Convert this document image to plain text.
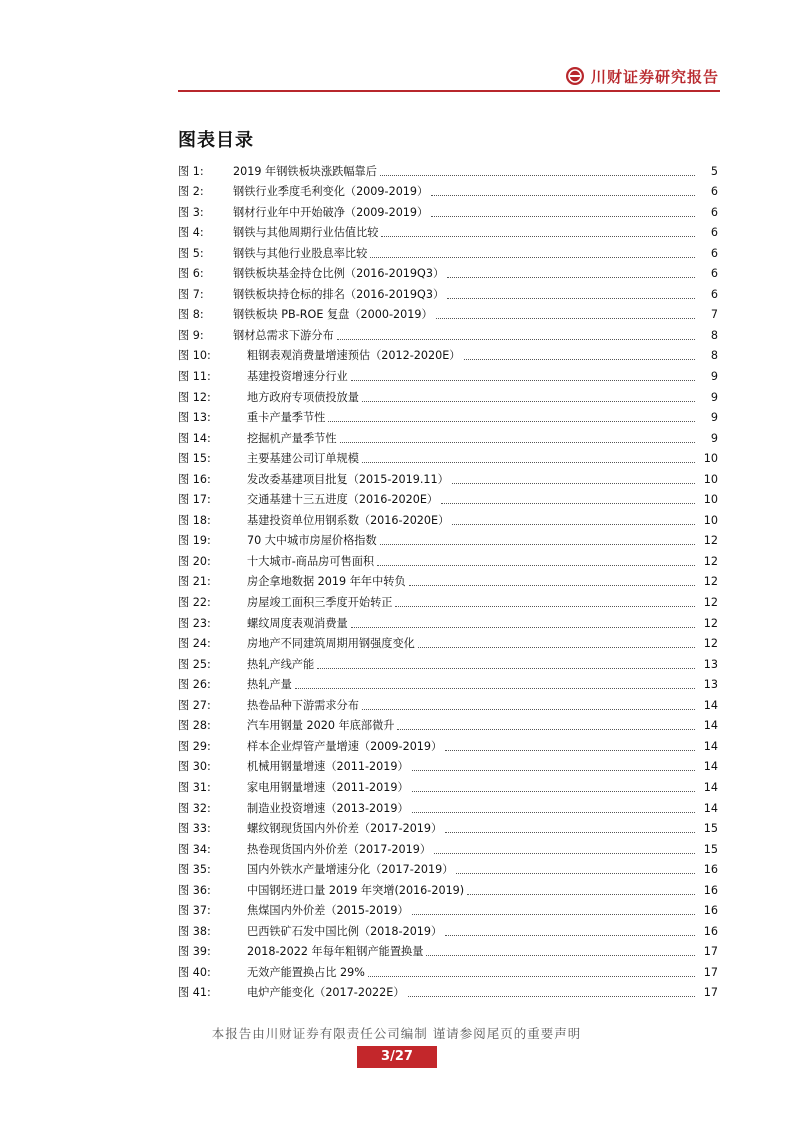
川财证券研究报告
图表目录
图 1:	2019 年钢铁板块涨跌幅靠后	5
图 2:	钢铁行业季度毛利变化（2009-2019）	6
图 3:	钢材行业年中开始破净（2009-2019）	6
图 4:	钢铁与其他周期行业估值比较	6
图 5:	钢铁与其他行业股息率比较	6
图 6:	钢铁板块基金持仓比例（2016-2019Q3）	6
图 7:	钢铁板块持仓标的排名（2016-2019Q3）	6
图 8:	钢铁板块 PB-ROE 复盘（2000-2019）	7
图 9:	钢材总需求下游分布	8
图 10:	粗钢表观消费量增速预估（2012-2020E）	8
图 11:	基建投资增速分行业	9
图 12:	地方政府专项债投放量	9
图 13:	重卡产量季节性	9
图 14:	挖掘机产量季节性	9
图 15:	主要基建公司订单规模	10
图 16:	发改委基建项目批复（2015-2019.11）	10
图 17:	交通基建十三五进度（2016-2020E）	10
图 18:	基建投资单位用钢系数（2016-2020E）	10
图 19:	70 大中城市房屋价格指数	12
图 20:	十大城市-商品房可售面积	12
图 21:	房企拿地数据 2019 年年中转负	12
图 22:	房屋竣工面积三季度开始转正	12
图 23:	螺纹周度表观消费量	12
图 24:	房地产不同建筑周期用钢强度变化	12
图 25:	热轧产线产能	13
图 26:	热轧产量	13
图 27:	热卷品种下游需求分布	14
图 28:	汽车用钢量 2020 年底部微升	14
图 29:	样本企业焊管产量增速（2009-2019）	14
图 30:	机械用钢量增速（2011-2019）	14
图 31:	家电用钢量增速（2011-2019）	14
图 32:	制造业投资增速（2013-2019）	14
图 33:	螺纹钢现货国内外价差（2017-2019）	15
图 34:	热卷现货国内外价差（2017-2019）	15
图 35:	国内外铁水产量增速分化（2017-2019）	16
图 36:	中国钢坯进口量 2019 年突增(2016-2019)	16
图 37:	焦煤国内外价差（2015-2019）	16
图 38:	巴西铁矿石发中国比例（2018-2019）	16
图 39:	2018-2022 年每年粗钢产能置换量	17
图 40:	无效产能置换占比 29%	17
图 41:	电炉产能变化（2017-2022E）	17
本报告由川财证券有限责任公司编制 谨请参阅尾页的重要声明
3/27
